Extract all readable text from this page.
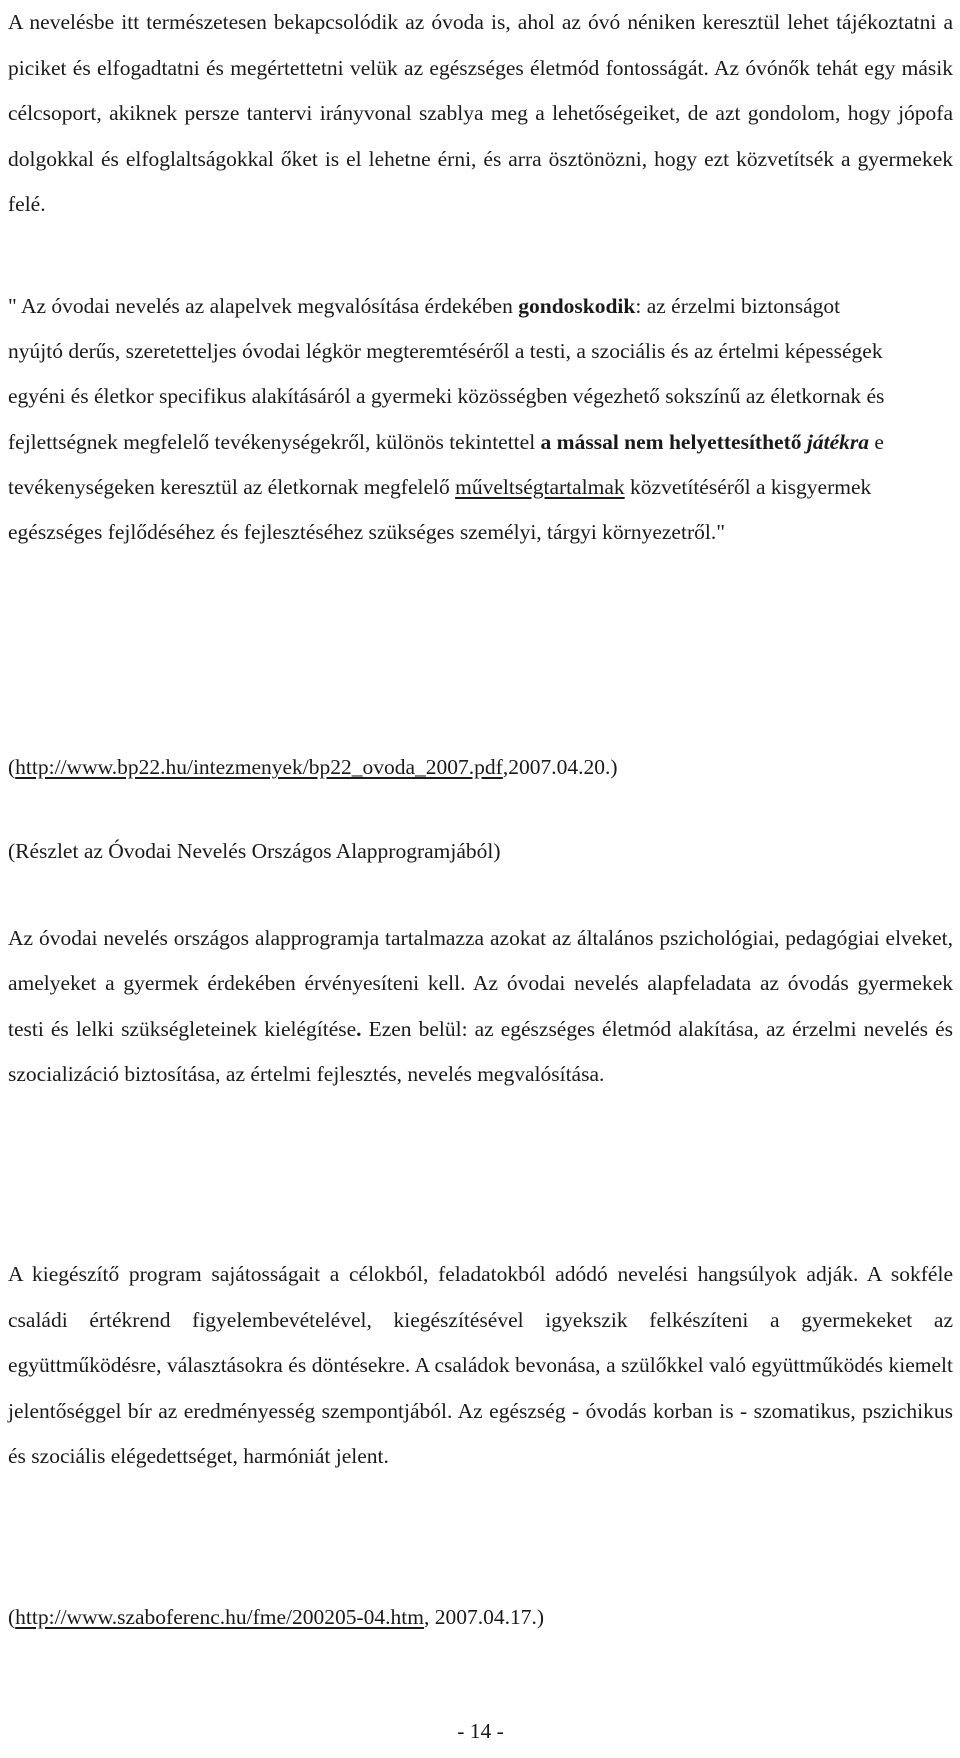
A nevelésbe itt természetesen bekapcsolódik az óvoda is, ahol az óvó néniken keresztül lehet tájékoztatni a piciket és elfogadtatni és megértettetni velük az egészséges életmód fontosságát. Az óvónők tehát egy másik célcsoport, akiknek persze tantervi irányvonal szablya meg a lehetőségeiket, de azt gondolom, hogy jópofa dolgokkal és elfoglaltságokkal őket is el lehetne érni, és arra ösztönözni, hogy ezt közvetítsék a gyermekek felé.

" Az óvodai nevelés az alapelvek megvalósítása érdekében gondoskodik: az érzelmi biztonságot nyújtó derűs, szeretetteljes óvodai légkör megteremtéséről a testi, a szociális és az értelmi képességek egyéni és életkor specifikus alakításáról a gyermeki közösségben végezhető sokszínű az életkornak és fejlettségnek megfelelő tevékenységekről, különös tekintettel a mással nem helyettesíthető játékra e tevékenységeken keresztül az életkornak megfelelő műveltségtartalmak közvetítéséről a kisgyermek egészséges fejlődéséhez és fejlesztéséhez szükséges személyi, tárgyi környezetről."

(http://www.bp22.hu/intezmenyek/bp22_ovoda_2007.pdf,2007.04.20.)

(Részlet az Óvodai Nevelés Országos Alapprogramjából)

Az óvodai nevelés országos alapprogramja tartalmazza azokat az általános pszichológiai, pedagógiai elveket, amelyeket a gyermek érdekében érvényesíteni kell. Az óvodai nevelés alapfeladata az óvodás gyermekek testi és lelki szükségleteinek kielégítése. Ezen belül: az egészséges életmód alakítása, az érzelmi nevelés és szocializáció biztosítása, az értelmi fejlesztés, nevelés megvalósítása.

A kiegészítő program sajátosságait a célokból, feladatokból adódó nevelési hangsúlyok adják. A sokféle családi értékrend figyelembevételével, kiegészítésével igyekszik felkészíteni a gyermekeket az együttműködésre, választásokra és döntésekre. A családok bevonása, a szülőkkel való együttműködés kiemelt jelentőséggel bír az eredményesség szempontjából. Az egészség - óvodás korban is - szomatikus, pszichikus és szociális elégedettséget, harmóniát jelent.

(http://www.szaboferenc.hu/fme/200205-04.htm, 2007.04.17.)

- 14 -
